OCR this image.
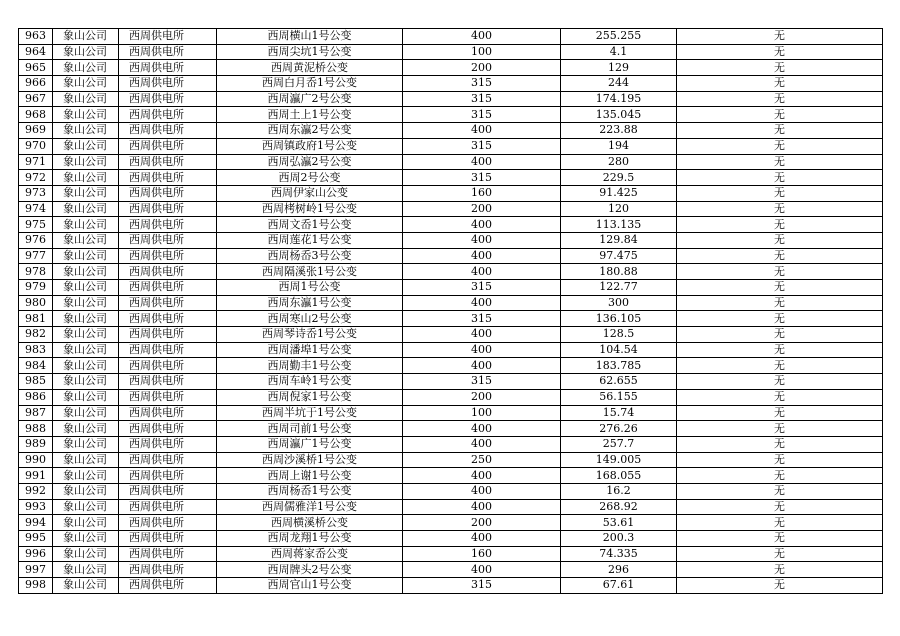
963	象山公司	西周供电所	西周横山1号公变	400	255.255	无
964	象山公司	西周供电所	西周尖坑1号公变	100	4.1	无
965	象山公司	西周供电所	西周黄泥桥公变	200	129	无
966	象山公司	西周供电所	西周白月岙1号公变	315	244	无
967	象山公司	西周供电所	西周瀛广2号公变	315	174.195	无
968	象山公司	西周供电所	西周土上1号公变	315	135.045	无
969	象山公司	西周供电所	西周东瀛2号公变	400	223.88	无
970	象山公司	西周供电所	西周镇政府1号公变	315	194	无
971	象山公司	西周供电所	西周弘瀛2号公变	400	280	无
972	象山公司	西周供电所	西周2号公变	315	229.5	无
973	象山公司	西周供电所	西周伊家山公变	160	91.425	无
974	象山公司	西周供电所	西周栲树岭1号公变	200	120	无
975	象山公司	西周供电所	西周文岙1号公变	400	113.135	无
976	象山公司	西周供电所	西周莲花1号公变	400	129.84	无
977	象山公司	西周供电所	西周杨岙3号公变	400	97.475	无
978	象山公司	西周供电所	西周隔溪张1号公变	400	180.88	无
979	象山公司	西周供电所	西周1号公变	315	122.77	无
980	象山公司	西周供电所	西周东瀛1号公变	400	300	无
981	象山公司	西周供电所	西周寒山2号公变	315	136.105	无
982	象山公司	西周供电所	西周琴诗岙1号公变	400	128.5	无
983	象山公司	西周供电所	西周潘埠1号公变	400	104.54	无
984	象山公司	西周供电所	西周勤丰1号公变	400	183.785	无
985	象山公司	西周供电所	西周车岭1号公变	315	62.655	无
986	象山公司	西周供电所	西周倪家1号公变	200	56.155	无
987	象山公司	西周供电所	西周半坑于1号公变	100	15.74	无
988	象山公司	西周供电所	西周司前1号公变	400	276.26	无
989	象山公司	西周供电所	西周瀛广1号公变	400	257.7	无
990	象山公司	西周供电所	西周沙溪桥1号公变	250	149.005	无
991	象山公司	西周供电所	西周上谢1号公变	400	168.055	无
992	象山公司	西周供电所	西周杨岙1号公变	400	16.2	无
993	象山公司	西周供电所	西周儒雅洋1号公变	400	268.92	无
994	象山公司	西周供电所	西周横溪桥公变	200	53.61	无
995	象山公司	西周供电所	西周龙翔1号公变	400	200.3	无
996	象山公司	西周供电所	西周蒋家岙公变	160	74.335	无
997	象山公司	西周供电所	西周牌头2号公变	400	296	无
998	象山公司	西周供电所	西周官山1号公变	315	67.61	无
